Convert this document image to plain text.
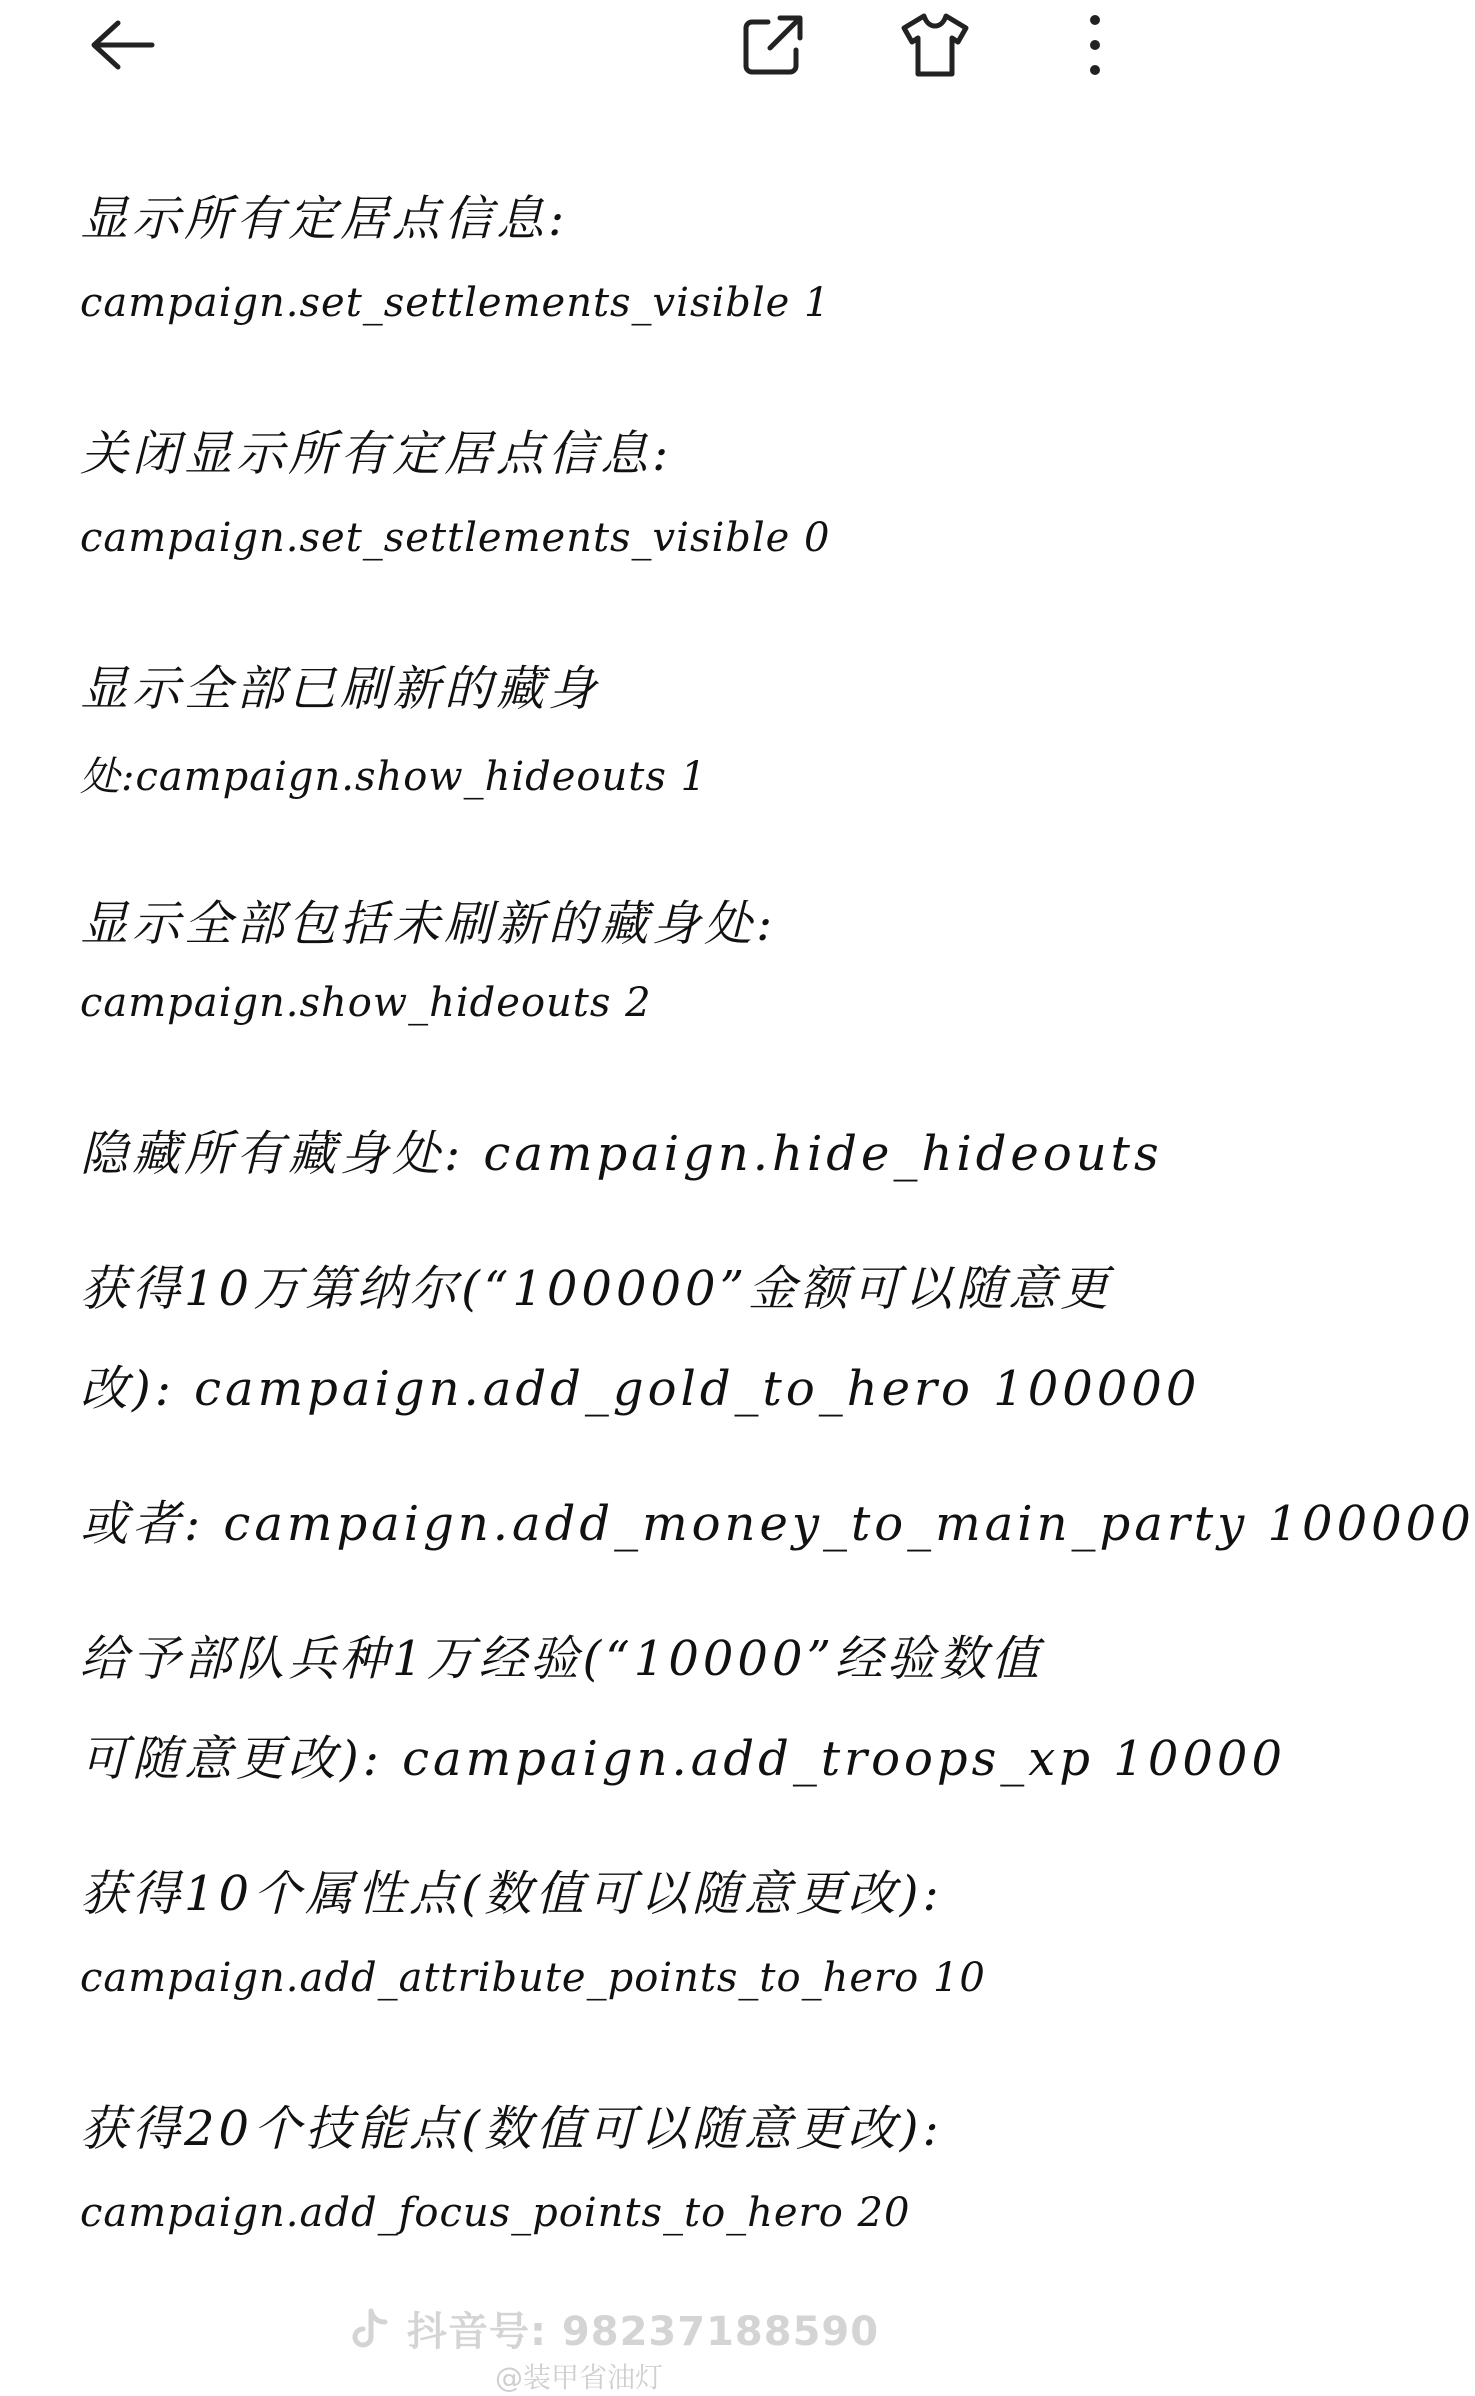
显示所有定居点信息:
campaign.set_settlements_visible 1
关闭显示所有定居点信息:
campaign.set_settlements_visible 0
显示全部已刷新的藏身
处:campaign.show_hideouts 1
显示全部包括未刷新的藏身处:
campaign.show_hideouts 2
隐藏所有藏身处: campaign.hide_hideouts
获得10万第纳尔(“100000”金额可以随意更
改): campaign.add_gold_to_hero 100000
或者: campaign.add_money_to_main_party 100000
给予部队兵种1万经验(“10000”经验数值
可随意更改): campaign.add_troops_xp 10000
获得10个属性点(数值可以随意更改):
campaign.add_attribute_points_to_hero 10
获得20个技能点(数值可以随意更改):
campaign.add_focus_points_to_hero 20
抖音号: 98237188590
@装甲省油灯
